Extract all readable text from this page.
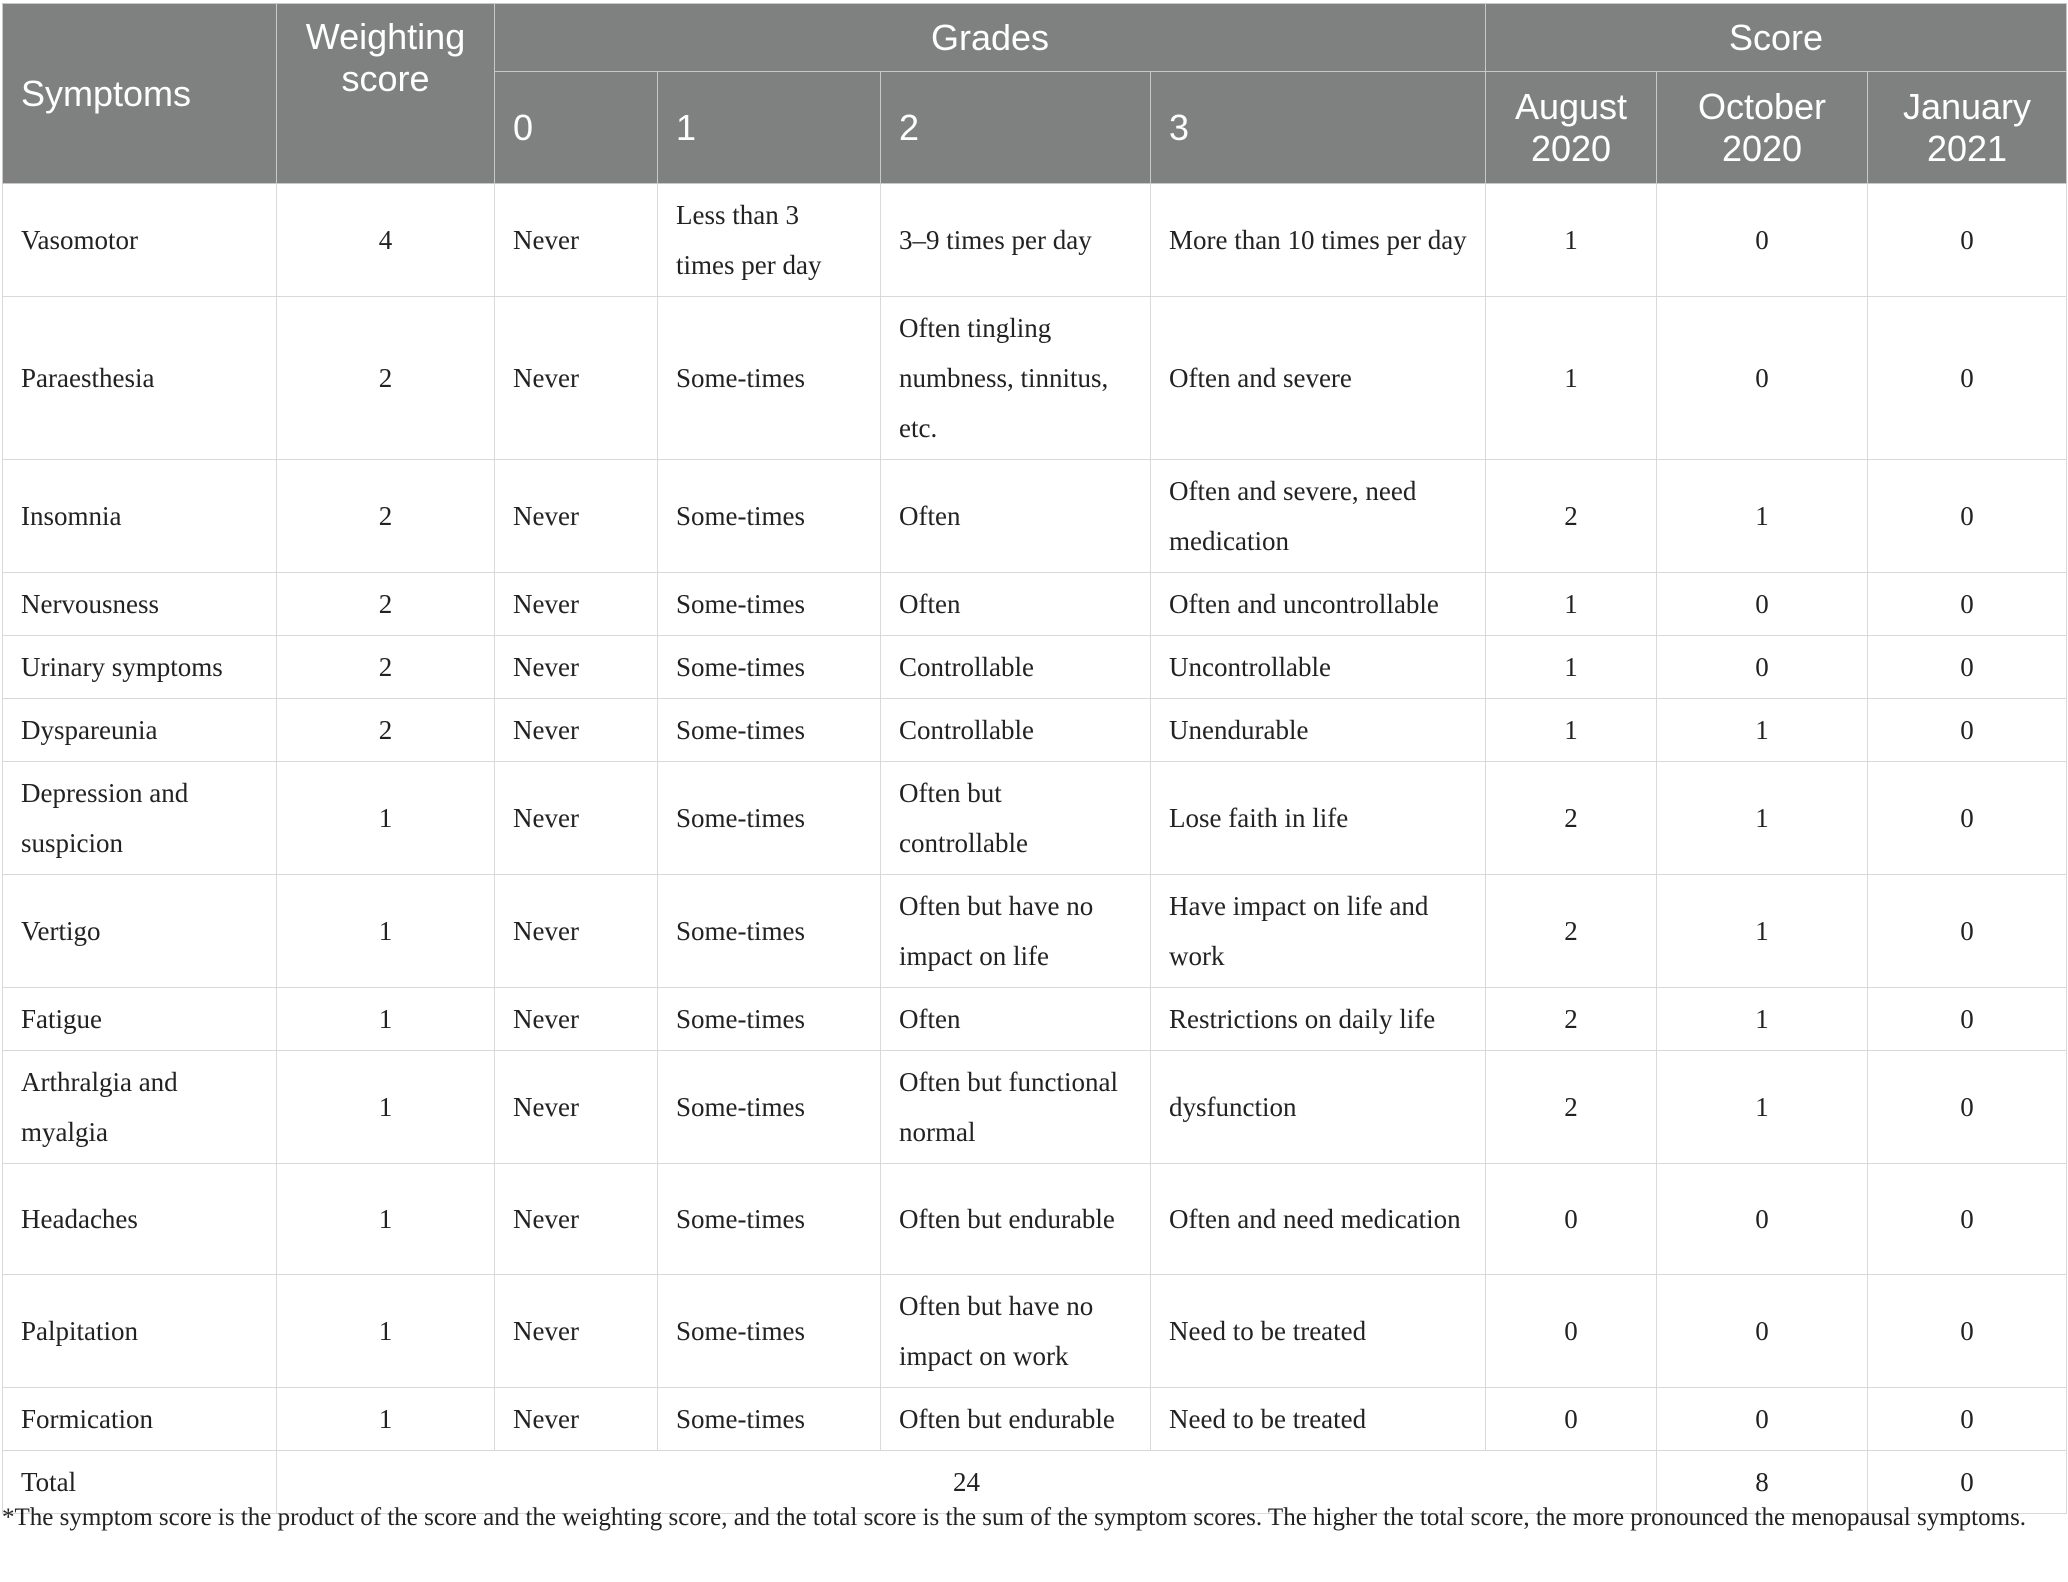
Symptoms	Weighting score	Grades				Score		
		0	1	2	3	August 2020	October 2020	January 2021
Vasomotor	4	Never	Less than 3 times per day	3–9 times per day	More than 10 times per day	1	0	0
Paraesthesia	2	Never	Some-times	Often tingling numbness, tinnitus, etc.	Often and severe	1	0	0
Insomnia	2	Never	Some-times	Often	Often and severe, need medication	2	1	0
Nervousness	2	Never	Some-times	Often	Often and uncontrollable	1	0	0
Urinary symptoms	2	Never	Some-times	Controllable	Uncontrollable	1	0	0
Dyspareunia	2	Never	Some-times	Controllable	Unendurable	1	1	0
Depression and suspicion	1	Never	Some-times	Often but controllable	Lose faith in life	2	1	0
Vertigo	1	Never	Some-times	Often but have no impact on life	Have impact on life and work	2	1	0
Fatigue	1	Never	Some-times	Often	Restrictions on daily life	2	1	0
Arthralgia and myalgia	1	Never	Some-times	Often but functional normal	dysfunction	2	1	0
Headaches	1	Never	Some-times	Often but endurable	Often and need medication	0	0	0
Palpitation	1	Never	Some-times	Often but have no impact on work	Need to be treated	0	0	0
Formication	1	Never	Some-times	Often but endurable	Need to be treated	0	0	0
Total	24						8	0
*The symptom score is the product of the score and the weighting score, and the total score is the sum of the symptom scores. The higher the total score, the more pronounced the menopausal symptoms.
